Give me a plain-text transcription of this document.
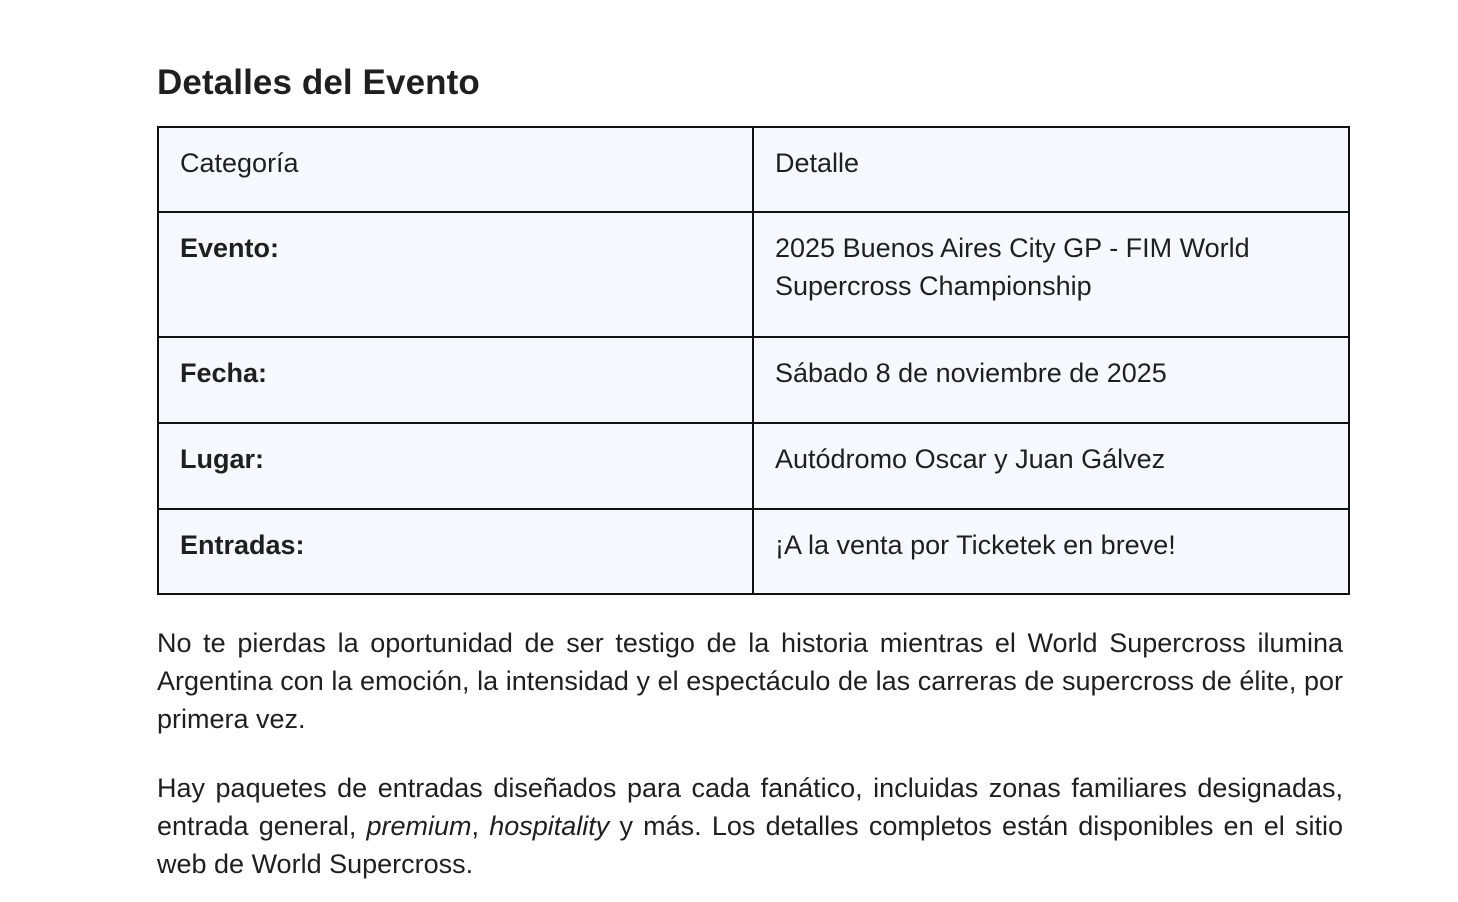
Detalles del Evento
Categoría	Detalle
Evento:	2025 Buenos Aires City GP - FIM World Supercross Championship
Fecha:	Sábado 8 de noviembre de 2025
Lugar:	Autódromo Oscar y Juan Gálvez
Entradas:	¡A la venta por Ticketek en breve!

No te pierdas la oportunidad de ser testigo de la historia mientras el World Supercross ilumina Argentina con la emoción, la intensidad y el espectáculo de las carreras de supercross de élite, por primera vez.

Hay paquetes de entradas diseñados para cada fanático, incluidas zonas familiares designadas, entrada general, premium, hospitality y más. Los detalles completos están disponibles en el sitio web de World Supercross.
